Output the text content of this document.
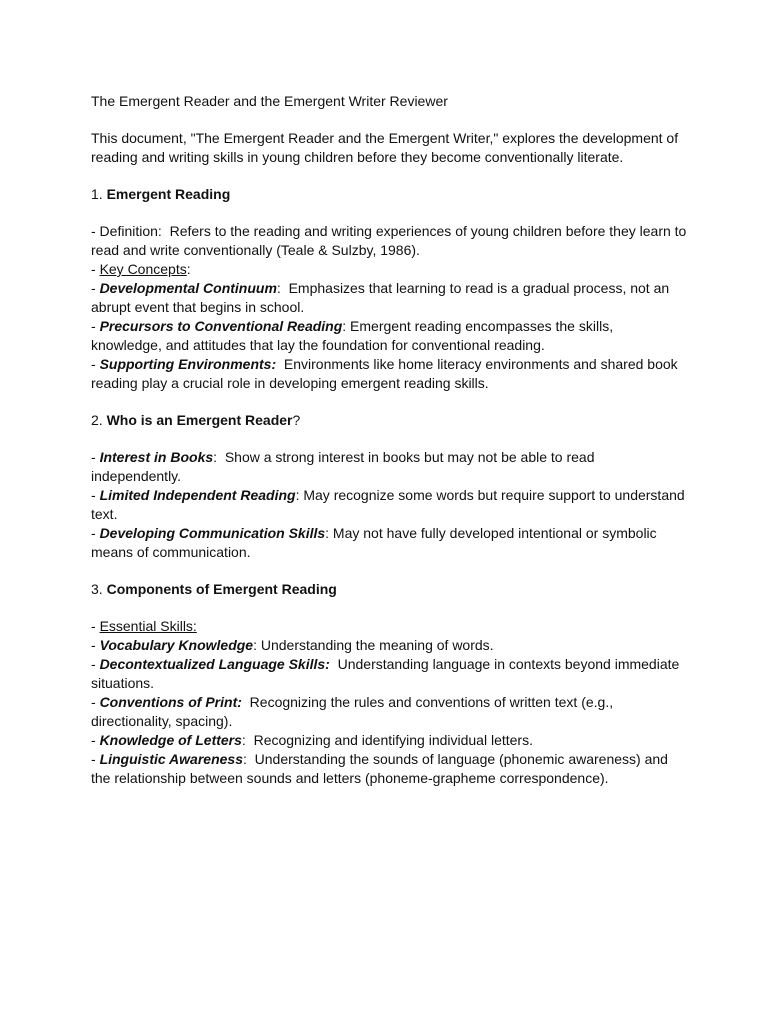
The Emergent Reader and the Emergent Writer Reviewer

This document, "The Emergent Reader and the Emergent Writer," explores the development of

reading and writing skills in young children before they become conventionally literate.

1. Emergent Reading

- Definition:  Refers to the reading and writing experiences of young children before they learn to

read and write conventionally (Teale & Sulzby, 1986).

- Key Concepts:

- Developmental Continuum:  Emphasizes that learning to read is a gradual process, not an

abrupt event that begins in school.

- Precursors to Conventional Reading: Emergent reading encompasses the skills,

knowledge, and attitudes that lay the foundation for conventional reading.

- Supporting Environments:  Environments like home literacy environments and shared book

reading play a crucial role in developing emergent reading skills.

2. Who is an Emergent Reader?

- Interest in Books:  Show a strong interest in books but may not be able to read

independently.

- Limited Independent Reading: May recognize some words but require support to understand

text.

- Developing Communication Skills: May not have fully developed intentional or symbolic

means of communication.

3. Components of Emergent Reading

- Essential Skills:

- Vocabulary Knowledge: Understanding the meaning of words.

- Decontextualized Language Skills:  Understanding language in contexts beyond immediate

situations.

- Conventions of Print:  Recognizing the rules and conventions of written text (e.g.,

directionality, spacing).

- Knowledge of Letters:  Recognizing and identifying individual letters.

- Linguistic Awareness:  Understanding the sounds of language (phonemic awareness) and

the relationship between sounds and letters (phoneme-grapheme correspondence).
